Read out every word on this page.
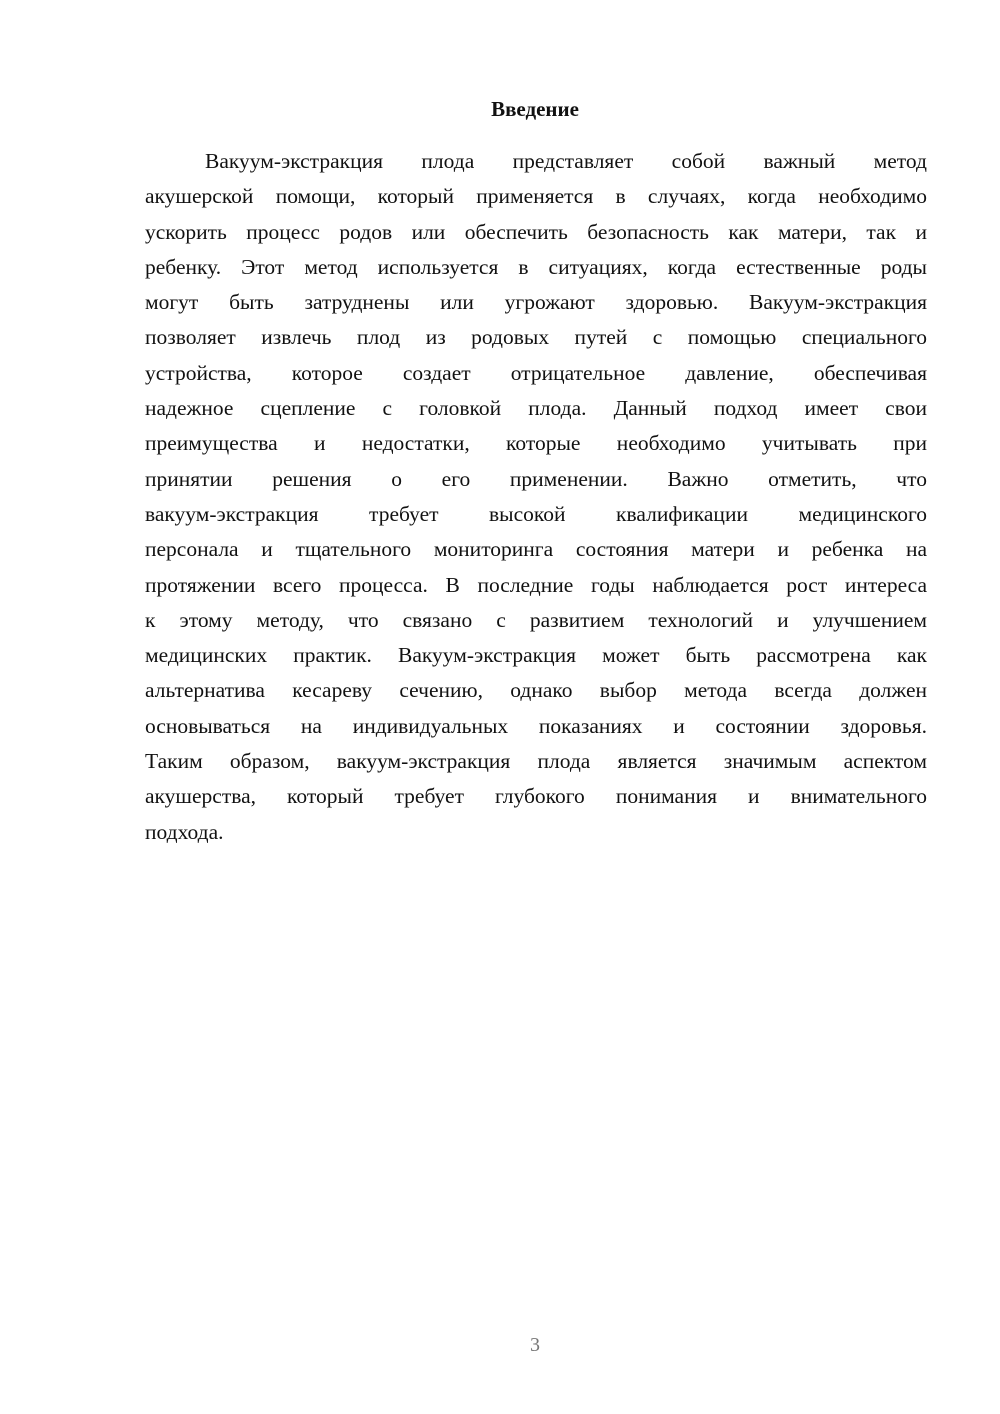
Введение
Вакуум-экстракция плода представляет собой важный метод
акушерской помощи, который применяется в случаях, когда необходимо
ускорить процесс родов или обеспечить безопасность как матери, так и
ребенку. Этот метод используется в ситуациях, когда естественные роды
могут быть затруднены или угрожают здоровью. Вакуум-экстракция
позволяет извлечь плод из родовых путей с помощью специального
устройства, которое создает отрицательное давление, обеспечивая
надежное сцепление с головкой плода. Данный подход имеет свои
преимущества и недостатки, которые необходимо учитывать при
принятии решения о его применении. Важно отметить, что
вакуум-экстракция требует высокой квалификации медицинского
персонала и тщательного мониторинга состояния матери и ребенка на
протяжении всего процесса. В последние годы наблюдается рост интереса
к этому методу, что связано с развитием технологий и улучшением
медицинских практик. Вакуум-экстракция может быть рассмотрена как
альтернатива кесареву сечению, однако выбор метода всегда должен
основываться на индивидуальных показаниях и состоянии здоровья.
Таким образом, вакуум-экстракция плода является значимым аспектом
акушерства, который требует глубокого понимания и внимательного
подхода.
3
